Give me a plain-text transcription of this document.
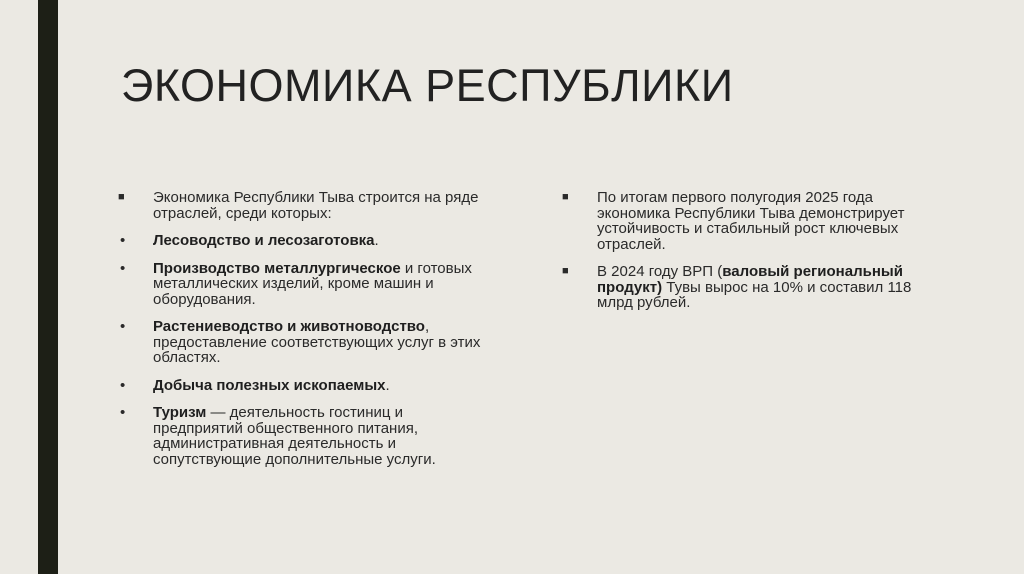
ЭКОНОМИКА РЕСПУБЛИКИ
■	Экономика Республики Тыва строится на ряде отраслей, среди которых:
•	Лесоводство и лесозаготовка.
•	Производство металлургическое и готовых металлических изделий, кроме машин и оборудования.
•	Растениеводство и животноводство, предоставление соответствующих услуг в этих областях.
•	Добыча полезных ископаемых.
•	Туризм — деятельность гостиниц и предприятий общественного питания, административная деятельность и сопутствующие дополнительные услуги.
■	По итогам первого полугодия 2025 года экономика Республики Тыва демонстрирует устойчивость и стабильный рост ключевых отраслей.
■	В 2024 году ВРП (валовый региональный продукт) Тувы вырос на 10% и составил 118 млрд рублей.
